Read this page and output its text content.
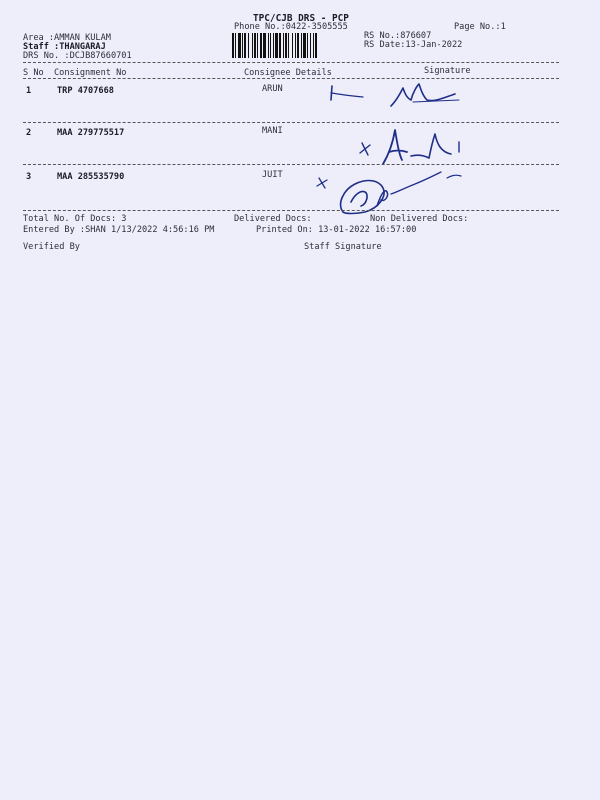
TPC/CJB DRS - PCP
Phone No.:0422-3505555	Page No.:1
RS No.:876607
RS Date:13-Jan-2022
Area :AMMAN KULAM
Staff :THANGARAJ
DRS No. :DCJB87660701
S No Consignment No	Consignee Details	Signature
1	TRP 4707668	ARUN
2	MAA 279775517	MANI
3	MAA 285535790	JUIT
Total No. Of Docs: 3	Delivered Docs:	Non Delivered Docs:
Entered By :SHAN 1/13/2022 4:56:16 PM	Printed On: 13-01-2022 16:57:00
Verified By	Staff Signature
